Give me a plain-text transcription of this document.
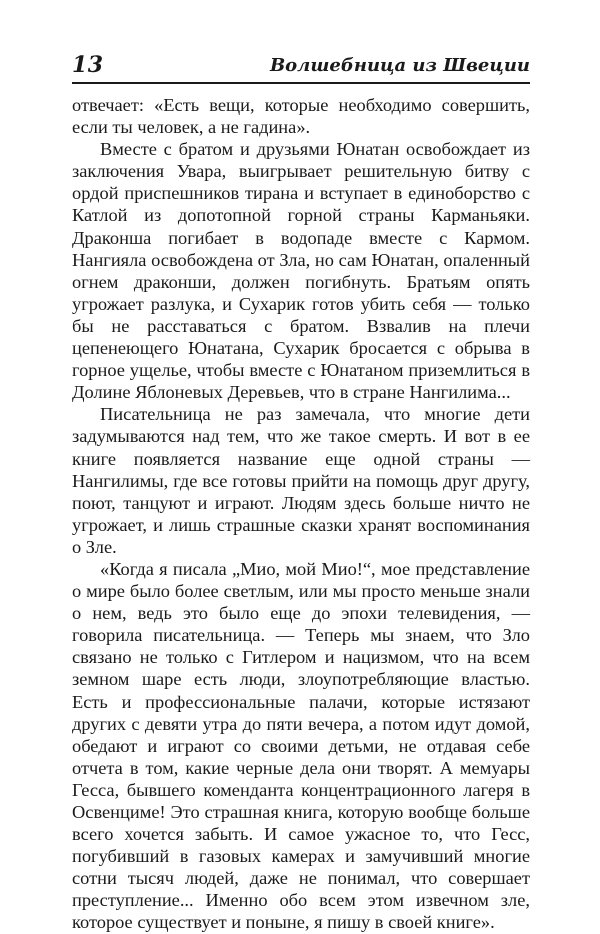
13	Волшебница из Швеции

отвечает: «Есть вещи, которые необходимо совершить, если ты человек, а не гадина».

Вместе с братом и друзьями Юнатан освобождает из заключения Увара, выигрывает решительную битву с ордой приспешников тирана и вступает в единоборство с Катлой из допотопной горной страны Карманьяки. Драконша погибает в водопаде вместе с Кармом. Нангияла освобождена от Зла, но сам Юнатан, опаленный огнем драконши, должен погибнуть. Братьям опять угрожает разлука, и Сухарик готов убить себя — только бы не расставаться с братом. Взвалив на плечи цепенеющего Юнатана, Сухарик бросается с обрыва в горное ущелье, чтобы вместе с Юнатаном приземлиться в Долине Яблоневых Деревьев, что в стране Нангилима...

Писательница не раз замечала, что многие дети задумываются над тем, что же такое смерть. И вот в ее книге появляется название еще одной страны — Нангилимы, где все готовы прийти на помощь друг другу, поют, танцуют и играют. Людям здесь больше ничто не угрожает, и лишь страшные сказки хранят воспоминания о Зле.

«Когда я писала „Мио, мой Мио!“, мое представление о мире было более светлым, или мы просто меньше знали о нем, ведь это было еще до эпохи телевидения, — говорила писательница. — Теперь мы знаем, что Зло связано не только с Гитлером и нацизмом, что на всем земном шаре есть люди, злоупотребляющие властью. Есть и профессиональные палачи, которые истязают других с девяти утра до пяти вечера, а потом идут домой, обедают и играют со своими детьми, не отдавая себе отчета в том, какие черные дела они творят. А мемуары Гесса, бывшего коменданта концентрационного лагеря в Освенциме! Это страшная книга, которую вообще больше всего хочется забыть. И самое ужасное то, что Гесс, погубивший в газовых камерах и замучивший многие сотни тысяч людей, даже не понимал, что совершает преступление... Именно обо всем этом извечном зле, которое существует и поныне, я пишу в своей книге».
